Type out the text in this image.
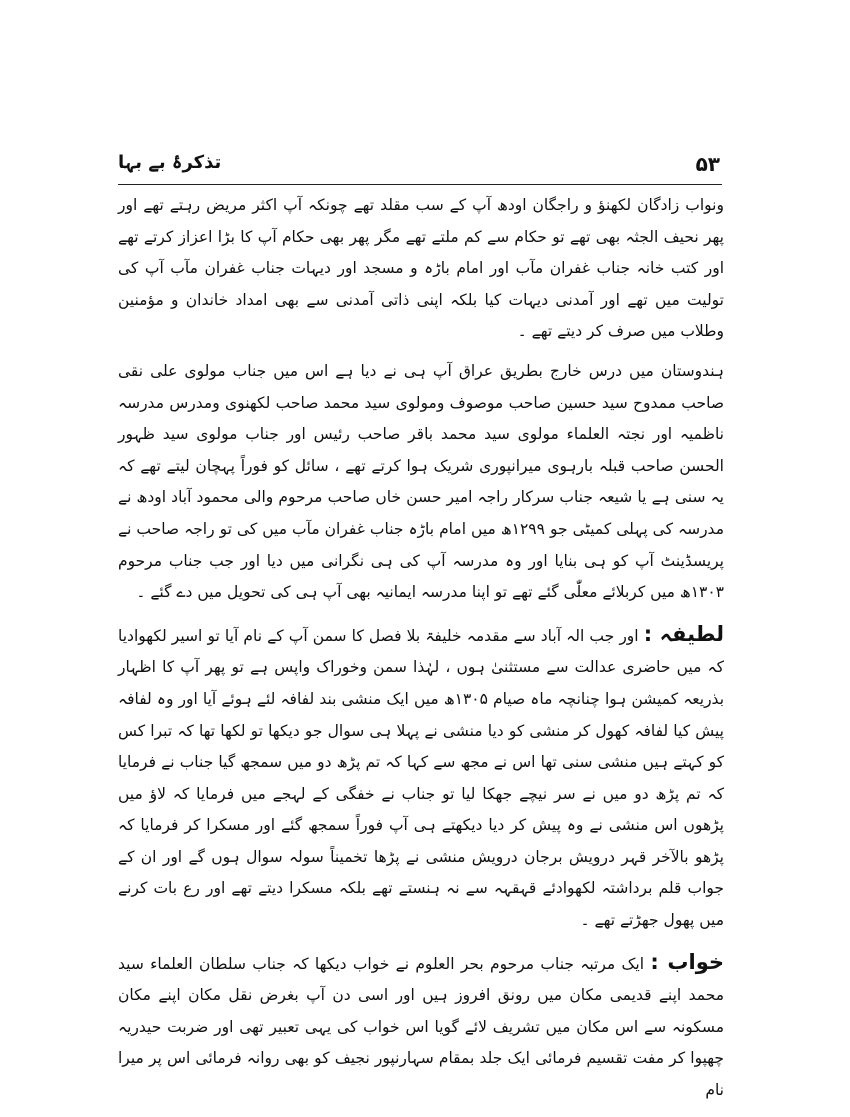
۵۳
تذکرۂ بے بہا

ونواب زادگان لکھنؤ و راجگان اودھ آپ کے سب مقلد تھے چونکہ آپ اکثر مریض رہتے تھے اور پھر نحیف الجثہ بھی تھے تو حکام سے کم ملتے تھے مگر پھر بھی حکام آپ کا بڑا اعزاز کرتے تھے اور کتب خانہ جناب غفران مآب اور امام باڑہ و مسجد اور دیہات جناب غفران مآب آپ کی تولیت میں تھے اور آمدنی دیہات کیا بلکہ اپنی ذاتی آمدنی سے بھی امداد خاندان و مؤمنین وطلاب میں صرف کر دیتے تھے ۔

ہندوستان میں درس خارج بطریق عراق آپ ہی نے دیا ہے اس میں جناب مولوی علی نقی صاحب ممدوح سید حسین صاحب موصوف ومولوی سید محمد صاحب لکھنوی ومدرس مدرسہ ناظمیہ اور نجتہ العلماء مولوی سید محمد باقر صاحب رئیس اور جناب مولوی سید ظہور الحسن صاحب قبلہ بارہوی میرانپوری شریک ہوا کرتے تھے ، سائل کو فوراً پہچان لیتے تھے کہ یہ سنی ہے یا شیعہ جناب سرکار راجہ امیر حسن خاں صاحب مرحوم والی محمود آباد اودھ نے مدرسہ کی پہلی کمیٹی جو ۱۲۹۹ھ میں امام باڑہ جناب غفران مآب میں کی تو راجہ صاحب نے پریسڈینٹ آپ کو ہی بنایا اور وہ مدرسہ آپ کی ہی نگرانی میں دیا اور جب جناب مرحوم ۱۳۰۳ھ میں کربلائے معلّٰی گئے تھے تو اپنا مدرسہ ایمانیہ بھی آپ ہی کی تحویل میں دے گئے ۔

لطیفہ : اور جب الہ آباد سے مقدمہ خلیفۃ بلا فصل کا سمن آپ کے نام آیا تو اسیر لکھوادیا کہ میں حاضری عدالت سے مستثنیٰ ہوں ، لہٰذا سمن وخوراک واپس ہے تو پھر آپ کا اظہار بذریعہ کمیشن ہوا چنانچہ ماہ صیام ۱۳۰۵ھ میں ایک منشی بند لفافہ لئے ہوئے آیا اور وہ لفافہ پیش کیا لفافہ کھول کر منشی کو دیا منشی نے پہلا ہی سوال جو دیکھا تو لکھا تھا کہ تبرا کس کو کہتے ہیں منشی سنی تھا اس نے مجھ سے کہا کہ تم پڑھ دو میں سمجھ گیا جناب نے فرمایا کہ تم پڑھ دو میں نے سر نیچے جھکا لیا تو جناب نے خفگی کے لہجے میں فرمایا کہ لاؤ میں پڑھوں اس منشی نے وہ پیش کر دیا دیکھتے ہی آپ فوراً سمجھ گئے اور مسکرا کر فرمایا کہ پڑھو بالآخر قہر درویش برجان درویش منشی نے پڑھا تخمیناً سولہ سوال ہوں گے اور ان کے جواب قلم برداشتہ لکھوادئے قہقہہ سے نہ ہنستے تھے بلکہ مسکرا دیتے تھے اور رع بات کرنے میں پھول جھڑتے تھے ۔

خواب : ایک مرتبہ جناب مرحوم بحر العلوم نے خواب دیکھا کہ جناب سلطان العلماء سید محمد اپنے قدیمی مکان میں رونق افروز ہیں اور اسی دن آپ بغرض نقل مکان اپنے مکان مسکونہ سے اس مکان میں تشریف لائے گویا اس خواب کی یہی تعبیر تھی اور ضربت حیدریہ چھپوا کر مفت تقسیم فرمائی ایک جلد بمقام سہارنپور نجیف کو بھی روانہ فرمائی اس پر میرا نام
